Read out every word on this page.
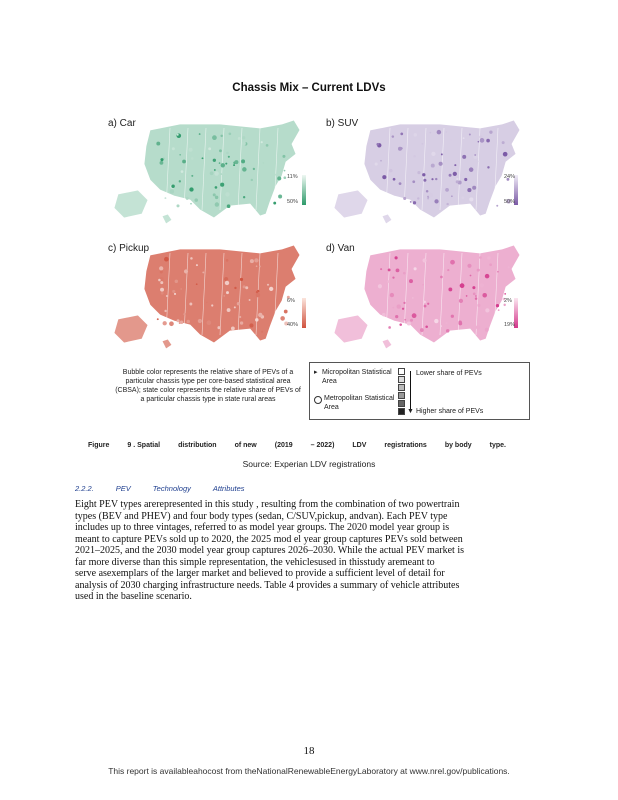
Chassis Mix – Current LDVs
a) Car	b) SUV
c) Pickup	d) Van
11%
50%
24%
50%
6%
40%
2%
19%
Bubble color represents the relative share of PEVs of a particular chassis type per core-based statistical area (CBSA); state color represents the relative share of PEVs of a particular chassis type in state rural areas
▸ Micropolitan Statistical Area
Metropolitan Statistical Area
▼
Lower share of PEVs
Higher share of PEVs
Figure	9 . Spatial	distribution	of new	(2019	– 2022)	LDV	registrations	by body	type.
Source: Experian LDV registrations
2.2.2.	PEV	Technology	Attributes
Eight PEV types arerepresented in this study , resulting from the combination of two powertrain
types (BEV and PHEV) and four body types (sedan, C/SUV,pickup, andvan). Each PEV type
includes up to three vintages, referred to as model year groups. The 2020 model year group is
meant to capture PEVs sold up to 2020, the 2025 mod el year group captures PEVs sold between
2021–2025, and the 2030 model year group captures 2026–2030. While the actual PEV market is
far more diverse than this simple representation, the vehiclesused in thisstudy aremeant to
serve asexemplars of the larger market and believed to provide a sufficient level of detail for
analysis of 2030 charging infrastructure needs. Table 4 provides a summary of vehicle attributes
used in the baseline scenario.
18
This report is availableahocost from theNationalRenewableEnergyLaboratory at www.nrel.gov/publications.
